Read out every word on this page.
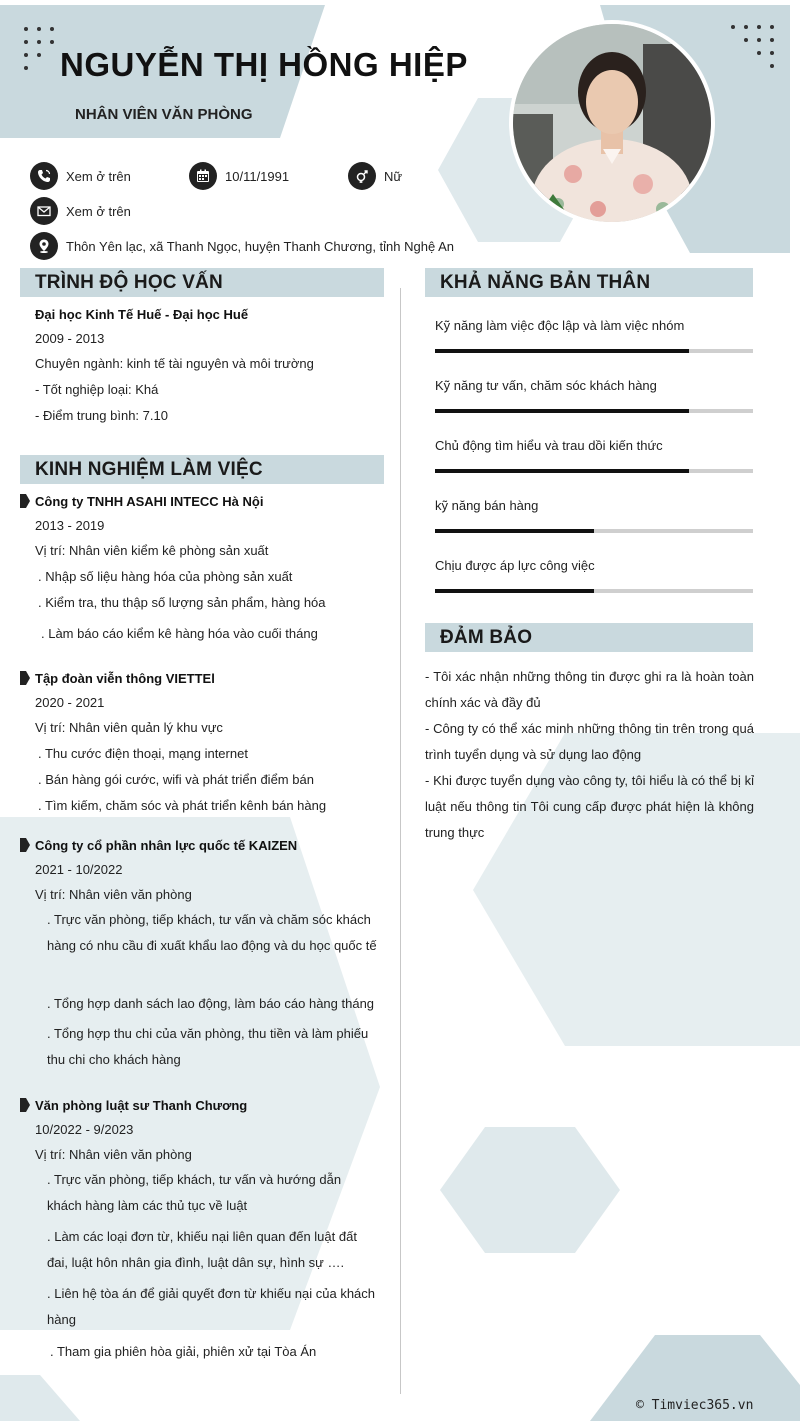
NGUYỄN THỊ HỒNG HIỆP
NHÂN VIÊN VĂN PHÒNG
Xem ở trên	10/11/1991	Nữ
Xem ở trên
Thôn Yên lạc, xã Thanh Ngọc, huyện Thanh Chương, tỉnh Nghệ An
TRÌNH ĐỘ HỌC VẤN
Đại học Kinh Tế Huế - Đại học Huế
2009 - 2013
Chuyên ngành: kinh tế tài nguyên và môi trường
- Tốt nghiệp loại: Khá
- Điểm trung bình: 7.10
KINH NGHIỆM LÀM VIỆC
Công ty TNHH ASAHI INTECC Hà Nội
2013 - 2019
Vị trí: Nhân viên kiểm kê phòng sản xuất
. Nhập số liệu hàng hóa của phòng sản xuất
. Kiểm tra, thu thập số lượng sản phẩm, hàng hóa
. Làm báo cáo kiểm kê hàng hóa vào cuối tháng
Tập đoàn viễn thông VIETTEl
2020 - 2021
Vị trí: Nhân viên quản lý khu vực
. Thu cước điện thoại, mạng internet
. Bán hàng gói cước, wifi và phát triển điểm bán
. Tìm kiếm, chăm sóc và phát triển kênh bán hàng
Công ty cổ phần nhân lực quốc tế KAIZEN
2021 - 10/2022
Vị trí: Nhân viên văn phòng
. Trực văn phòng, tiếp khách, tư vấn và chăm sóc khách hàng có nhu cầu đi xuất khẩu lao động và du học quốc tế
. Tổng hợp danh sách lao động, làm báo cáo hàng tháng
. Tổng hợp thu chi của văn phòng, thu tiền và làm phiếu thu chi cho khách hàng
Văn phòng luật sư Thanh Chương
10/2022 - 9/2023
Vị trí: Nhân viên văn phòng
. Trực văn phòng, tiếp khách, tư vấn và hướng dẫn khách hàng làm các thủ tục về luật
. Làm các loại đơn từ, khiếu nại liên quan đến luật đất đai, luật hôn nhân gia đình, luật dân sự, hình sự ….
. Liên hệ tòa án để giải quyết đơn từ khiếu nại của khách hàng
. Tham gia phiên hòa giải, phiên xử tại Tòa Án
KHẢ NĂNG BẢN THÂN
Kỹ năng làm việc độc lập và làm việc nhóm
Kỹ năng tư vấn, chăm sóc khách hàng
Chủ động tìm hiểu và trau dồi kiến thức
kỹ năng bán hàng
Chịu được áp lực công việc
ĐẢM BẢO
- Tôi xác nhận những thông tin được ghi ra là hoàn toàn chính xác và đầy đủ
- Công ty có thể xác minh những thông tin trên trong quá trình tuyển dụng và sử dụng lao động
- Khi được tuyển dụng vào công ty, tôi hiểu là có thể bị kỉ luật nếu thông tin Tôi cung cấp được phát hiện là không trung thực
© Timviec365.vn
